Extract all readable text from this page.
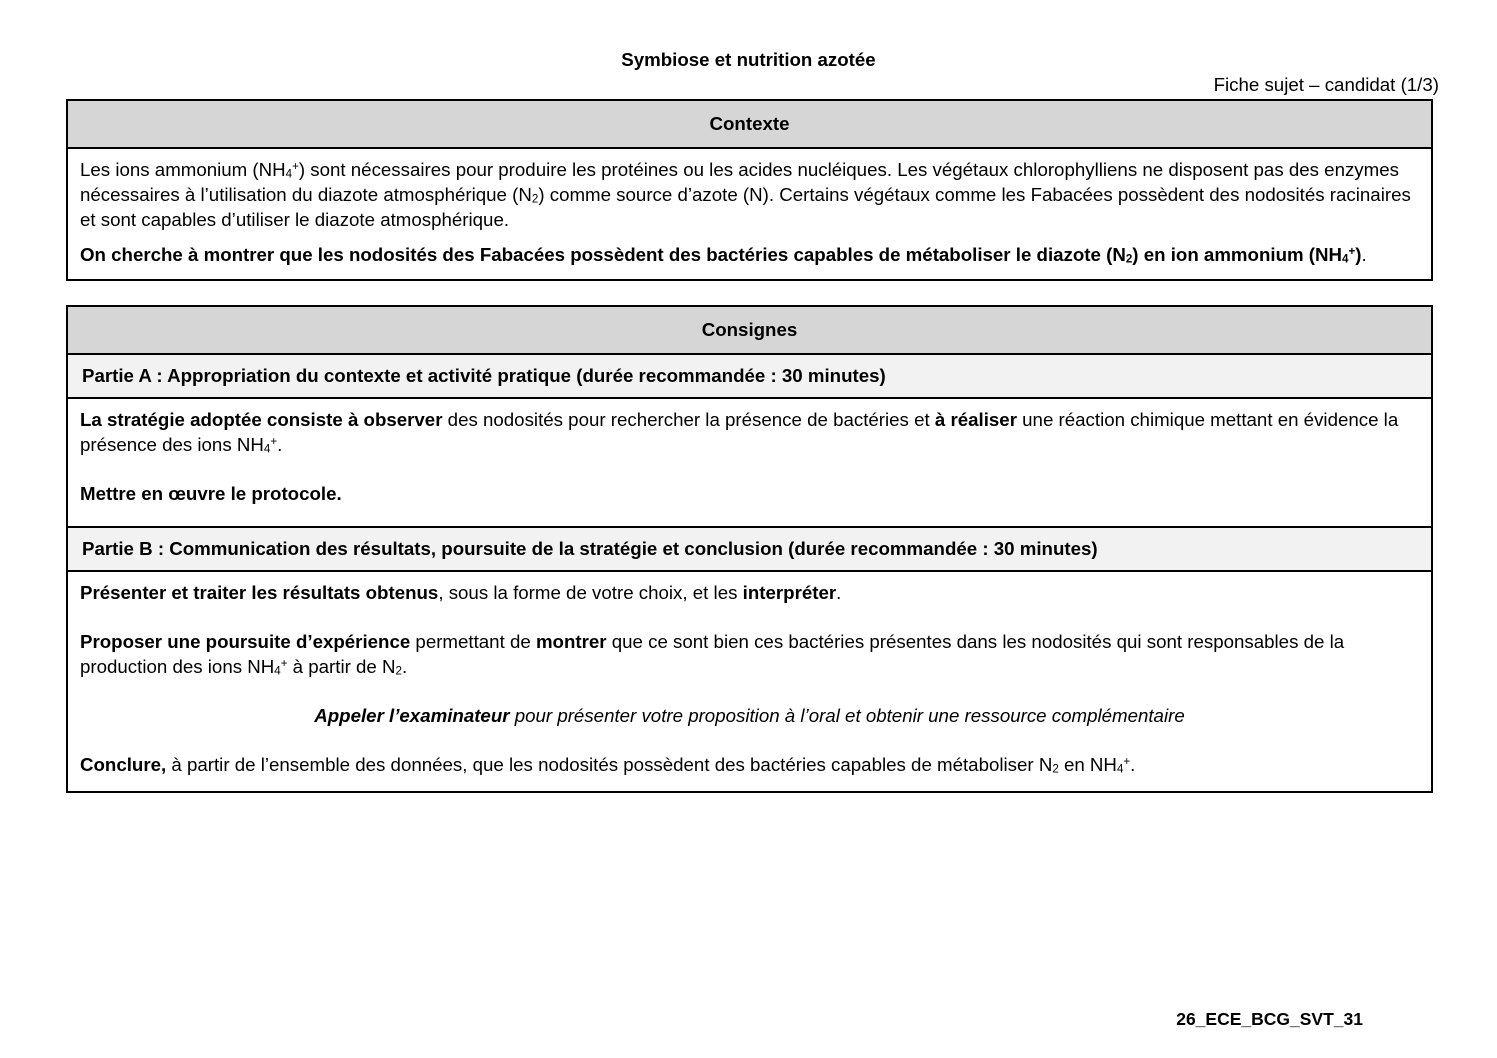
Symbiose et nutrition azotée
Fiche sujet – candidat (1/3)
Contexte

Les ions ammonium $(NH_4^+)$ sont nécessaires pour produire les protéines ou les acides nucléiques. Les végétaux chlorophylliens ne disposent pas des enzymes nécessaires à l’utilisation du diazote atmosphérique $(N_2)$ comme source d’azote (N). Certains végétaux comme les Fabacées possèdent des nodosités racinaires et sont capables d’utiliser le diazote atmosphérique.

On cherche à montrer que les nodosités des Fabacées possèdent des bactéries capables de métaboliser le diazote $(N_2)$ en ion ammonium $(NH_4^+)$.

Consignes
Partie A : Appropriation du contexte et activité pratique (durée recommandée : 30 minutes)

La stratégie adoptée consiste à observer des nodosités pour rechercher la présence de bactéries et à réaliser une réaction chimique mettant en évidence la présence des ions $NH_4^+$.

Mettre en œuvre le protocole.

Partie B : Communication des résultats, poursuite de la stratégie et conclusion (durée recommandée : 30 minutes)

Présenter et traiter les résultats obtenus, sous la forme de votre choix, et les interpréter.

Proposer une poursuite d’expérience permettant de montrer que ce sont bien ces bactéries présentes dans les nodosités qui sont responsables de la production des ions $NH_4^+$ à partir de $N_2$.

Appeler l’examinateur pour présenter votre proposition à l’oral et obtenir une ressource complémentaire

Conclure, à partir de l’ensemble des données, que les nodosités possèdent des bactéries capables de métaboliser $N_2$ en $NH_4^+$.

26_ECE_BCG_SVT_31
